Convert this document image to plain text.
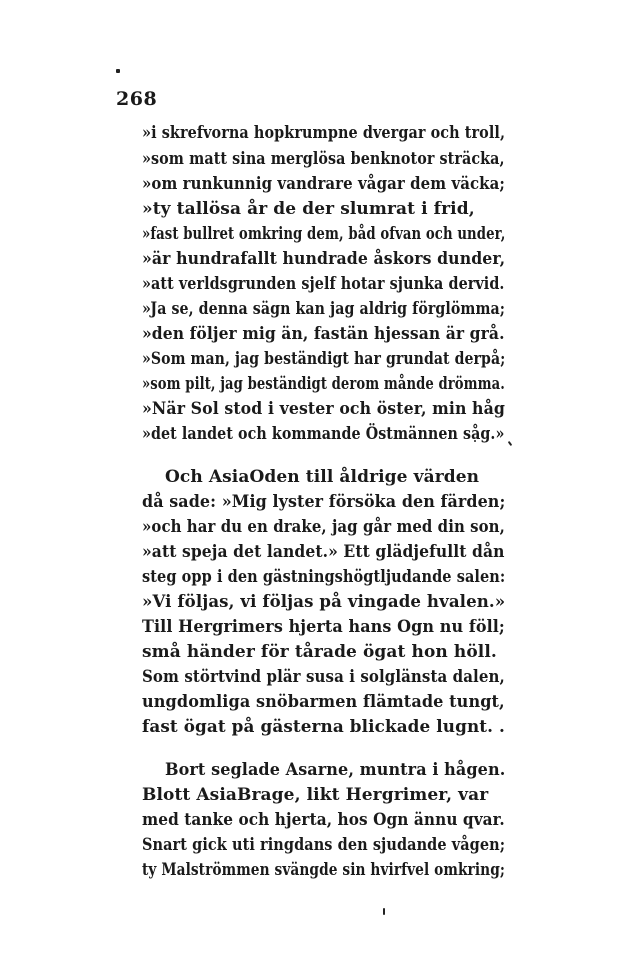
268
»i skrefvorna hopkrumpne dvergar och troll,
»som matt sina merglösa benknotor sträcka,
»om runkunnig vandrare vågar dem väcka;
»ty tallösa år de der slumrat i frid,
»fast bullret omkring dem, båd ofvan och under,
»är hundrafallt hundrade åskors dunder,
»att verldsgrunden sjelf hotar sjunka dervid.
»Ja se, denna sägn kan jag aldrig förglömma;
»den följer mig än, fastän hjessan är grå.
»Som man, jag beständigt har grundat derpå;
»som pilt, jag beständigt derom månde drömma.
»När Sol stod i vester och öster, min håg
»det landet och kommande Östmännen såg.»
Och AsiaOden till åldrige värden
då sade: »Mig lyster försöka den färden;
»och har du en drake, jag går med din son,
»att speja det landet.» Ett glädjefullt dån
steg opp i den gästningshögtljudande salen:
»Vi följas, vi följas på vingade hvalen.»
Till Hergrimers hjerta hans Ogn nu föll;
små händer för tårade ögat hon höll.
Som störtvind plär susa i solglänsta dalen,
ungdomliga snöbarmen flämtade tungt,
fast ögat på gästerna blickade lugnt. .
Bort seglade Asarne, muntra i hågen.
Blott AsiaBrage, likt Hergrimer, var
med tanke och hjerta, hos Ogn ännu qvar.
Snart gick uti ringdans den sjudande vågen;
ty Malströmmen svängde sin hvirfvel omkring;
